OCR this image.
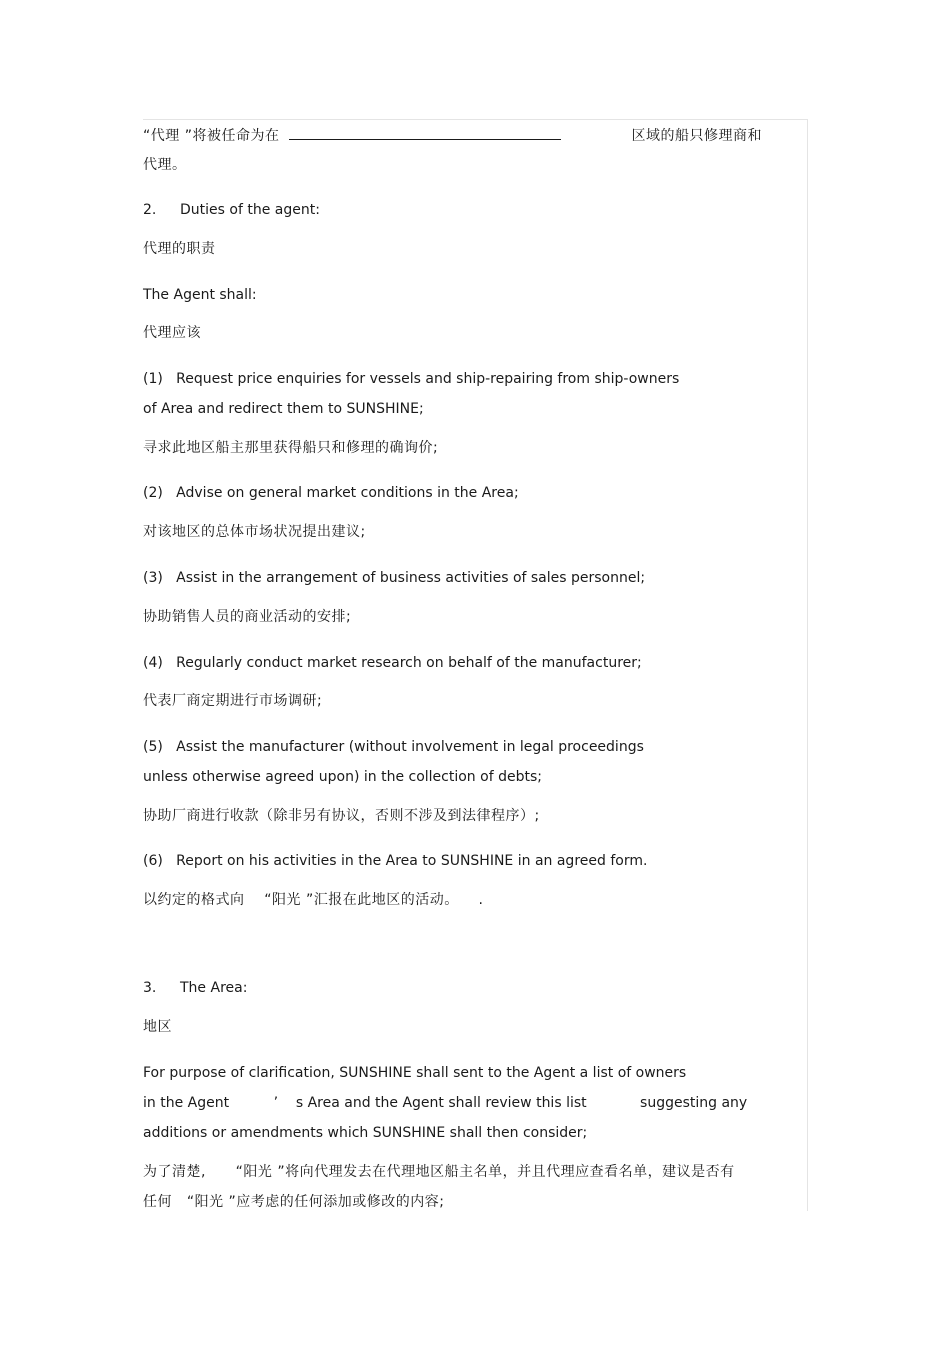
“代理 ”将被任命为在	区域的船只修理商和
代理。
2. Duties of the agent:
代理的职责
The Agent shall:
代理应该
(1)   Request price enquiries for vessels and ship-repairing from ship-owners
of Area and redirect them to SUNSHINE;
寻求此地区船主那里获得船只和修理的确询价;
(2)   Advise on general market conditions in the Area;
对该地区的总体市场状况提出建议;
(3)   Assist in the arrangement of business activities of sales personnel;
协助销售人员的商业活动的安排;
(4)   Regularly conduct market research on behalf of the manufacturer;
代表厂商定期进行市场调研;
(5)   Assist the manufacturer (without involvement in legal proceedings
unless otherwise agreed upon) in the collection of debts;
协助厂商进行收款（除非另有协议，否则不涉及到法律程序）;
(6)   Report on his activities in the Area to SUNSHINE in an agreed form.
以约定的格式向    “阳光 ”汇报在此地区的活动。    .
3. The Area:
地区
For purpose of clarification, SUNSHINE shall sent to the Agent a list of owners
in the Agent          ’    s Area and the Agent shall review this list            suggesting any
additions or amendments which SUNSHINE shall then consider;
为了清楚,      “阳光 ”将向代理发去在代理地区船主名单，并且代理应查看名单，建议是否有
任何   “阳光 ”应考虑的任何添加或修改的内容;
